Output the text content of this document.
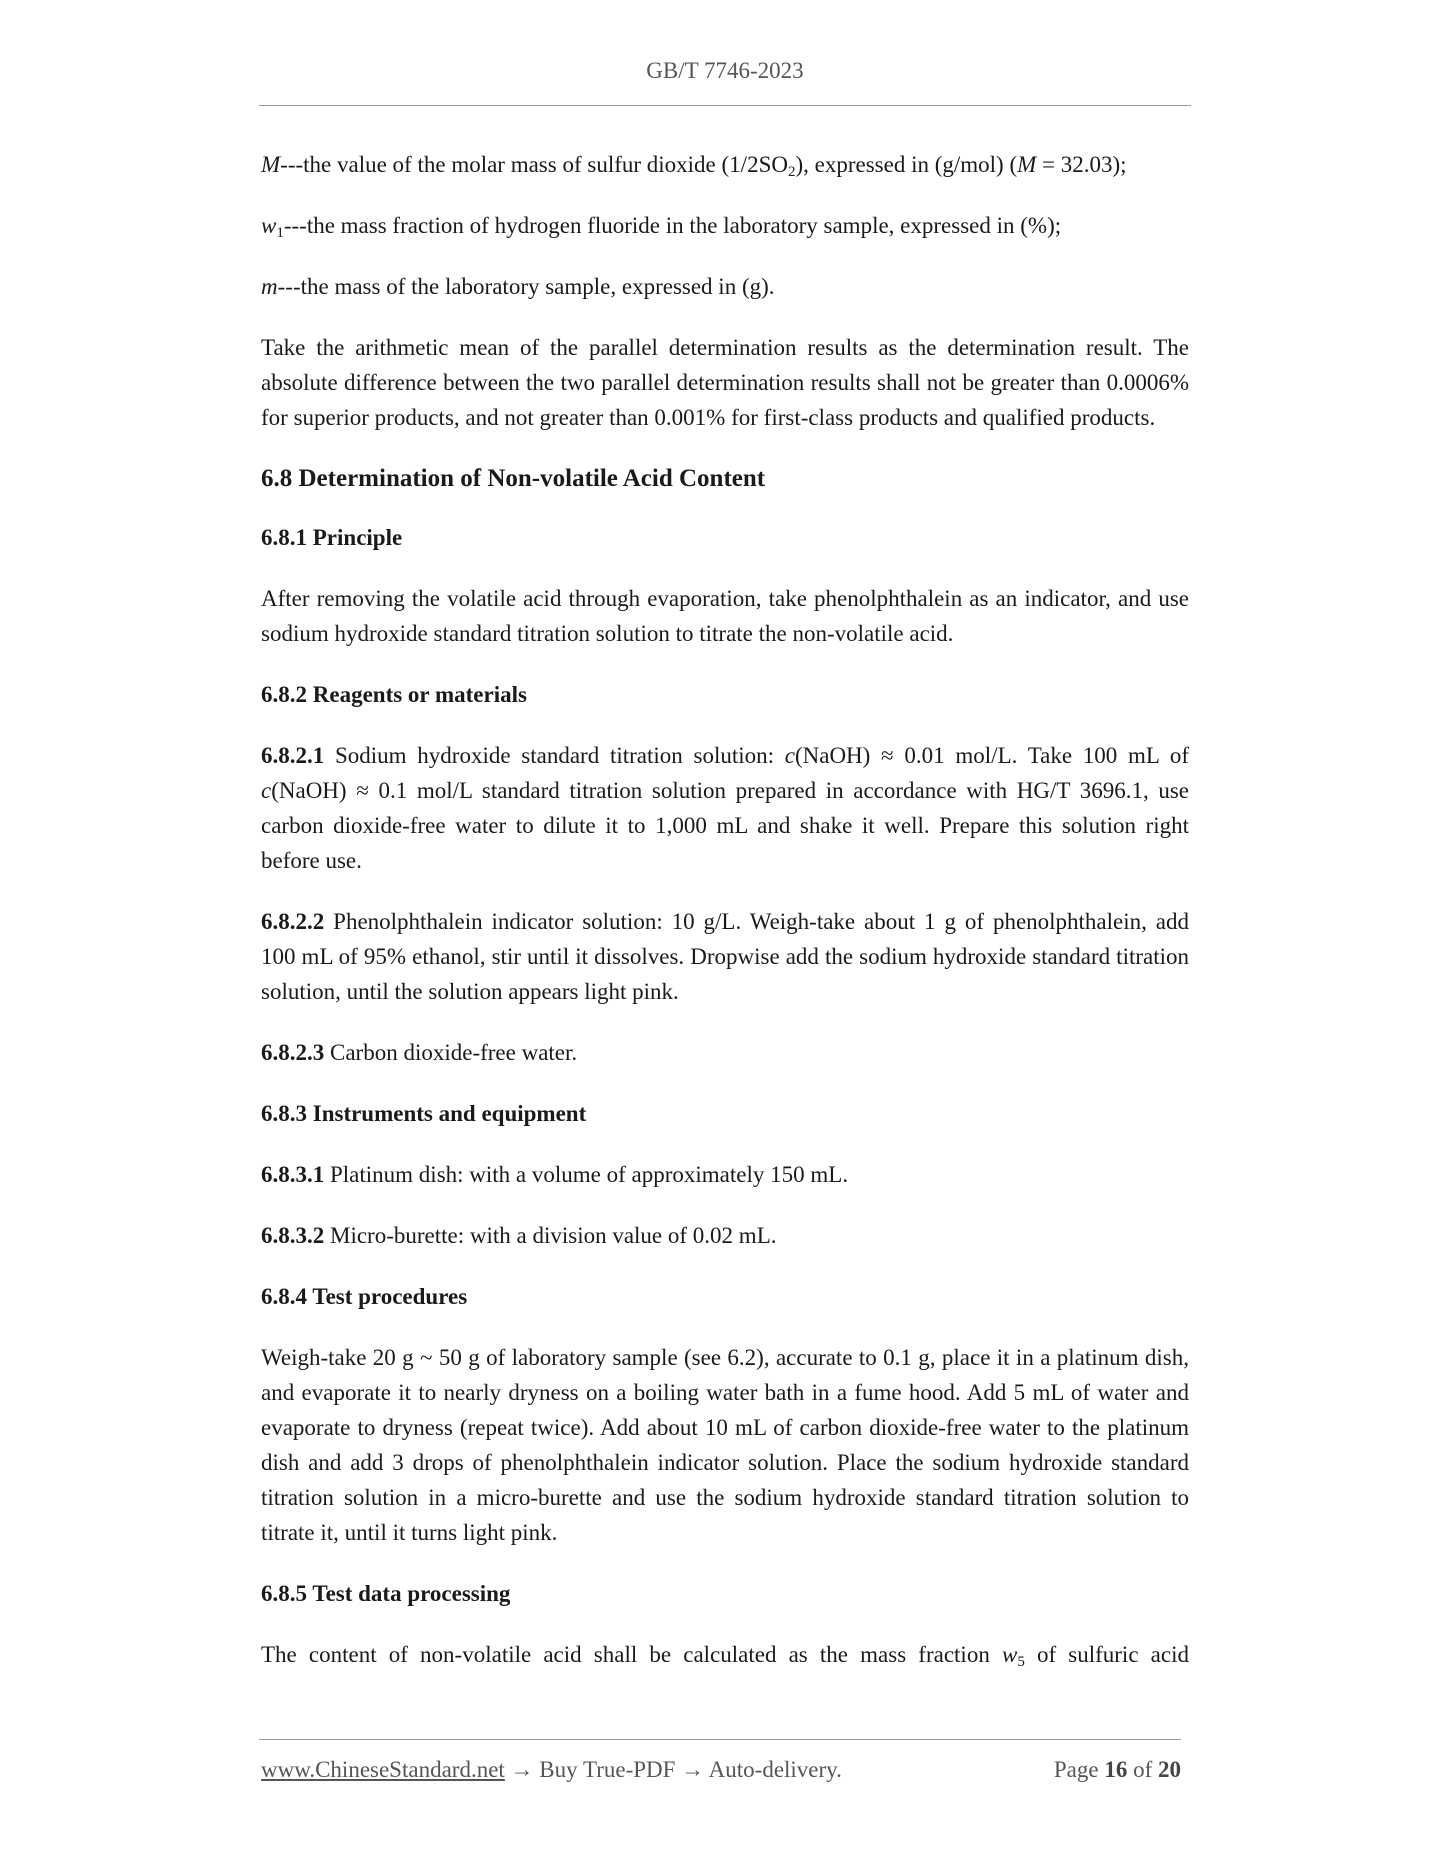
GB/T 7746-2023

M---the value of the molar mass of sulfur dioxide $(1/2SO_2)$, expressed in (g/mol) (M = 32.03);

$w_1--$-the mass fraction of hydrogen fluoride in the laboratory sample, expressed in (%);

m---the mass of the laboratory sample, expressed in (g).

Take the arithmetic mean of the parallel determination results as the determination result. The absolute difference between the two parallel determination results shall not be greater than 0.0006% for superior products, and not greater than 0.001% for first-class products and qualified products.

6.8 Determination of Non-volatile Acid Content
6.8.1 Principle

After removing the volatile acid through evaporation, take phenolphthalein as an indicator, and use sodium hydroxide standard titration solution to titrate the non-volatile acid.

6.8.2 Reagents or materials

6.8.2.1 Sodium hydroxide standard titration solution: c(NaOH) ≈ 0.01 mol/L. Take 100 mL of c(NaOH) ≈ 0.1 mol/L standard titration solution prepared in accordance with HG/T 3696.1, use carbon dioxide-free water to dilute it to 1,000 mL and shake it well. Prepare this solution right before use.

6.8.2.2 Phenolphthalein indicator solution: 10 g/L. Weigh-take about 1 g of phenolphthalein, add 100 mL of 95% ethanol, stir until it dissolves. Dropwise add the sodium hydroxide standard titration solution, until the solution appears light pink.

6.8.2.3 Carbon dioxide-free water.

6.8.3 Instruments and equipment

6.8.3.1 Platinum dish: with a volume of approximately 150 mL.

6.8.3.2 Micro-burette: with a division value of 0.02 mL.

6.8.4 Test procedures

Weigh-take 20 g ~ 50 g of laboratory sample (see 6.2), accurate to 0.1 g, place it in a platinum dish, and evaporate it to nearly dryness on a boiling water bath in a fume hood. Add 5 mL of water and evaporate to dryness (repeat twice). Add about 10 mL of carbon dioxide-free water to the platinum dish and add 3 drops of phenolphthalein indicator solution. Place the sodium hydroxide standard titration solution in a micro-burette and use the sodium hydroxide standard titration solution to titrate it, until it turns light pink.

6.8.5 Test data processing

The content of non-volatile acid shall be calculated as the mass fraction $w_5$ of sulfuric acid

www.ChineseStandard.net → Buy True-PDF → Auto-delivery.	Page 16 of 20
